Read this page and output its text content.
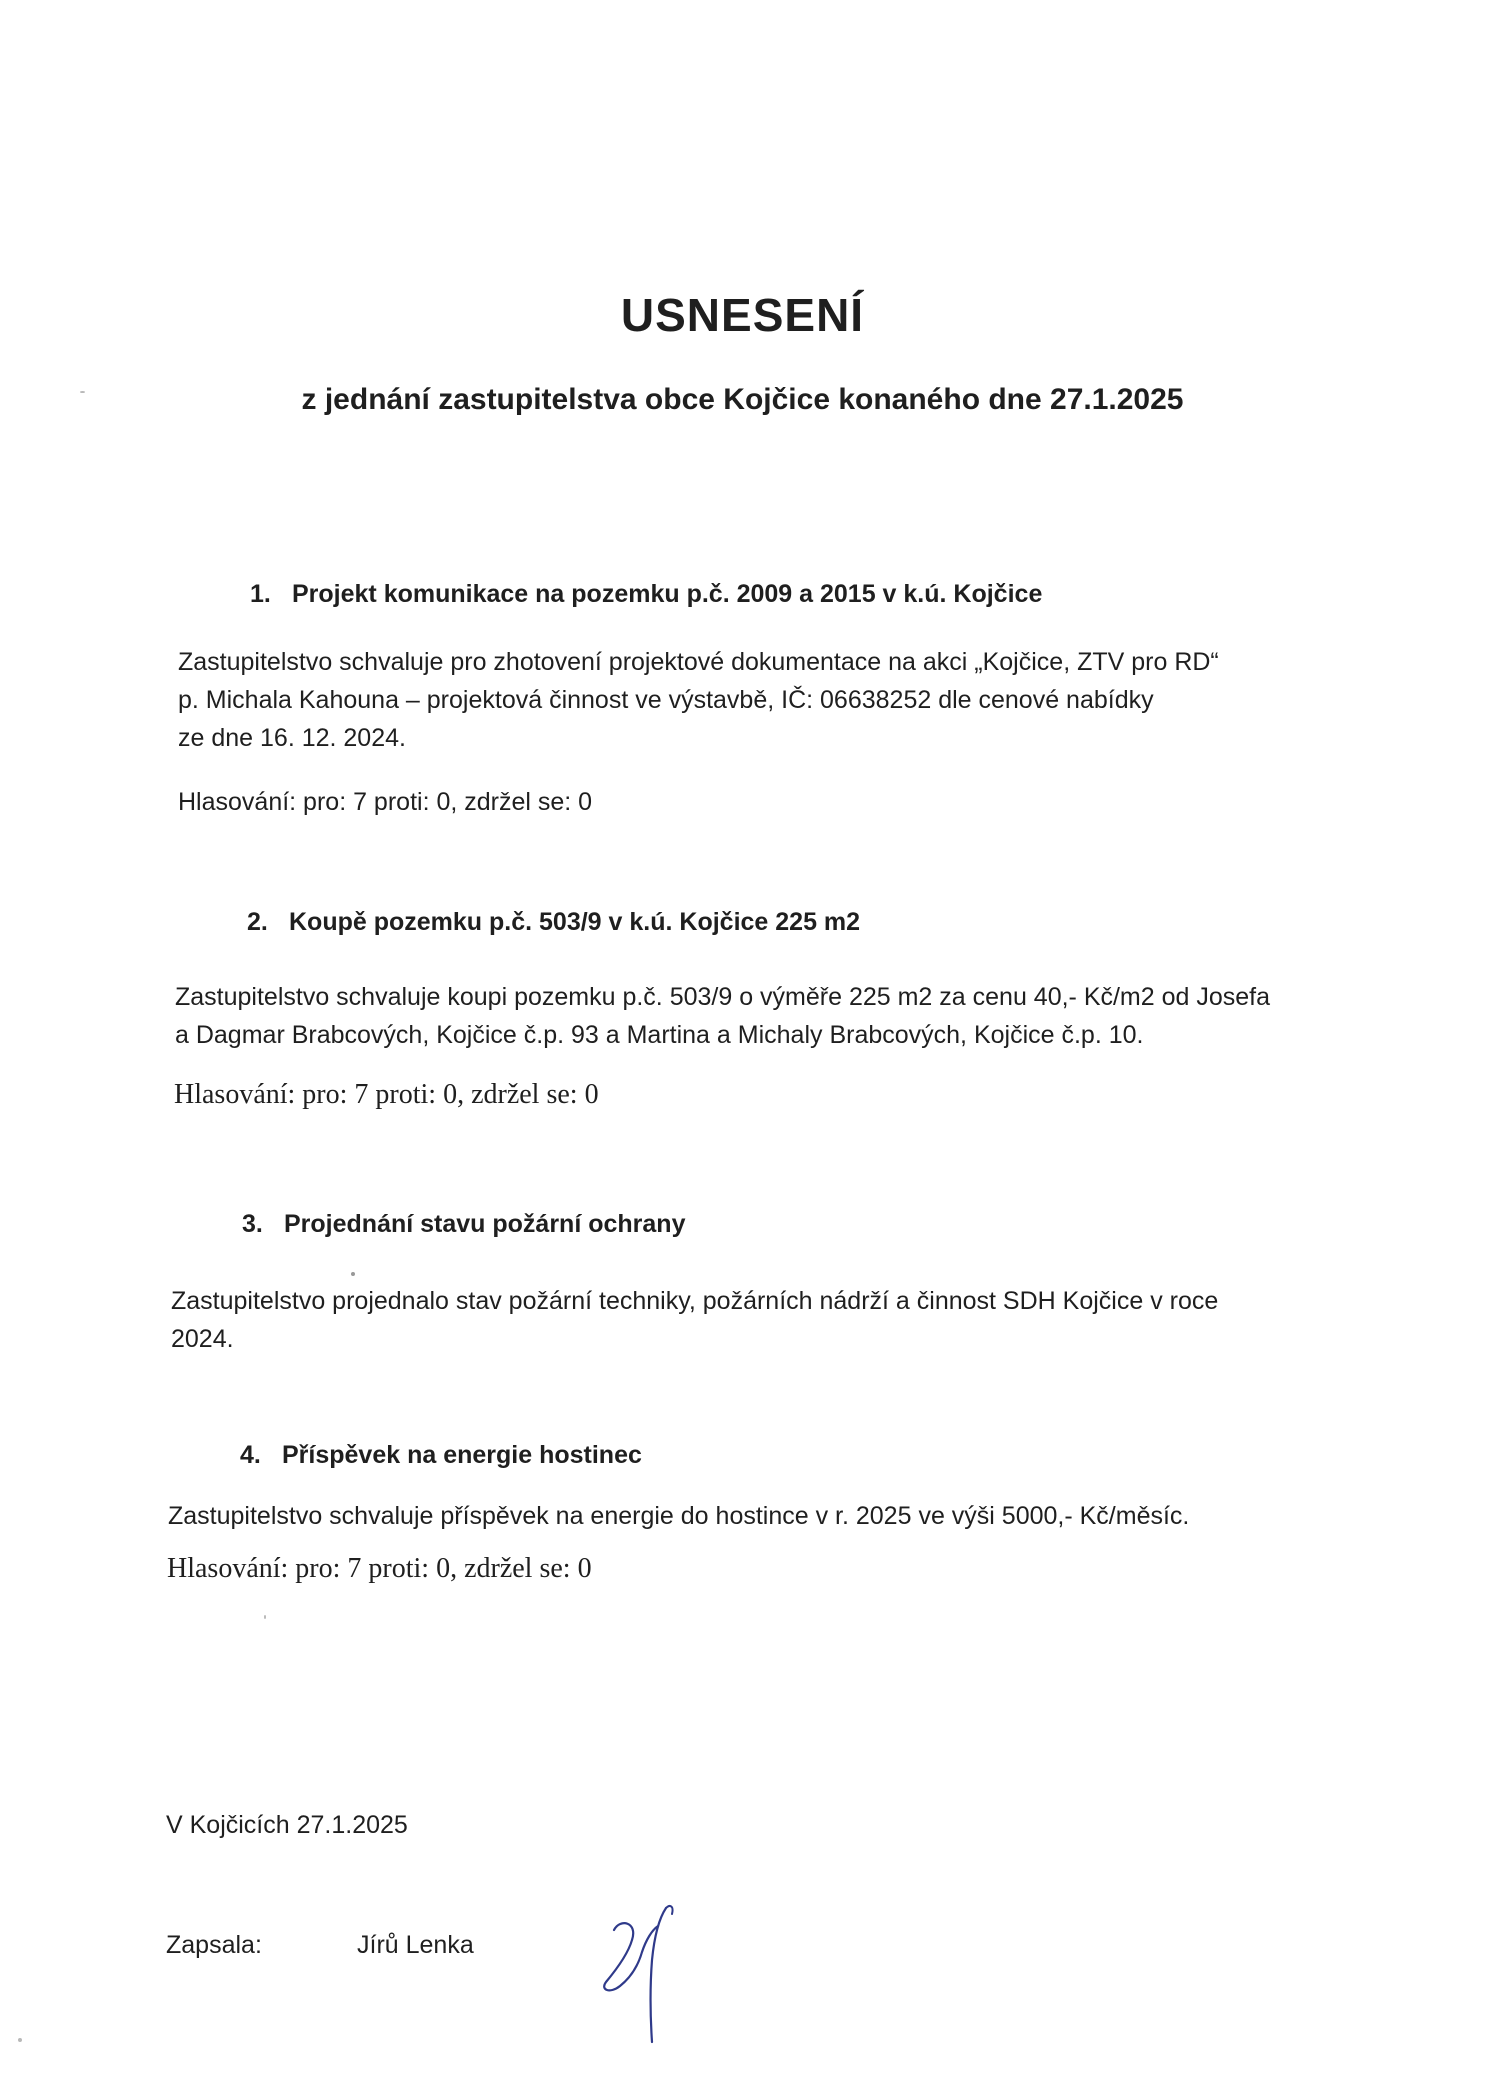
USNESENÍ
z jednání zastupitelstva obce Kojčice konaného dne 27.1.2025
1. Projekt komunikace na pozemku p.č. 2009 a 2015 v k.ú. Kojčice
Zastupitelstvo schvaluje pro zhotovení projektové dokumentace na akci „Kojčice, ZTV pro RD“
p. Michala Kahouna – projektová činnost ve výstavbě, IČ: 06638252 dle cenové nabídky
ze dne 16. 12. 2024.
Hlasování: pro: 7 proti: 0, zdržel se: 0
2. Koupě pozemku p.č. 503/9 v k.ú. Kojčice 225 m2
Zastupitelstvo schvaluje koupi pozemku p.č. 503/9 o výměře 225 m2 za cenu 40,- Kč/m2 od Josefa
a Dagmar Brabcových, Kojčice č.p. 93 a Martina a Michaly Brabcových, Kojčice č.p. 10.
Hlasování: pro: 7 proti: 0, zdržel se: 0
3. Projednání stavu požární ochrany
Zastupitelstvo projednalo stav požární techniky, požárních nádrží a činnost SDH Kojčice v roce
2024.
4. Příspěvek na energie hostinec
Zastupitelstvo schvaluje příspěvek na energie do hostince v r. 2025 ve výši 5000,- Kč/měsíc.
Hlasování: pro: 7 proti: 0, zdržel se: 0
V Kojčicích 27.1.2025
Zapsala:	Jírů Lenka
